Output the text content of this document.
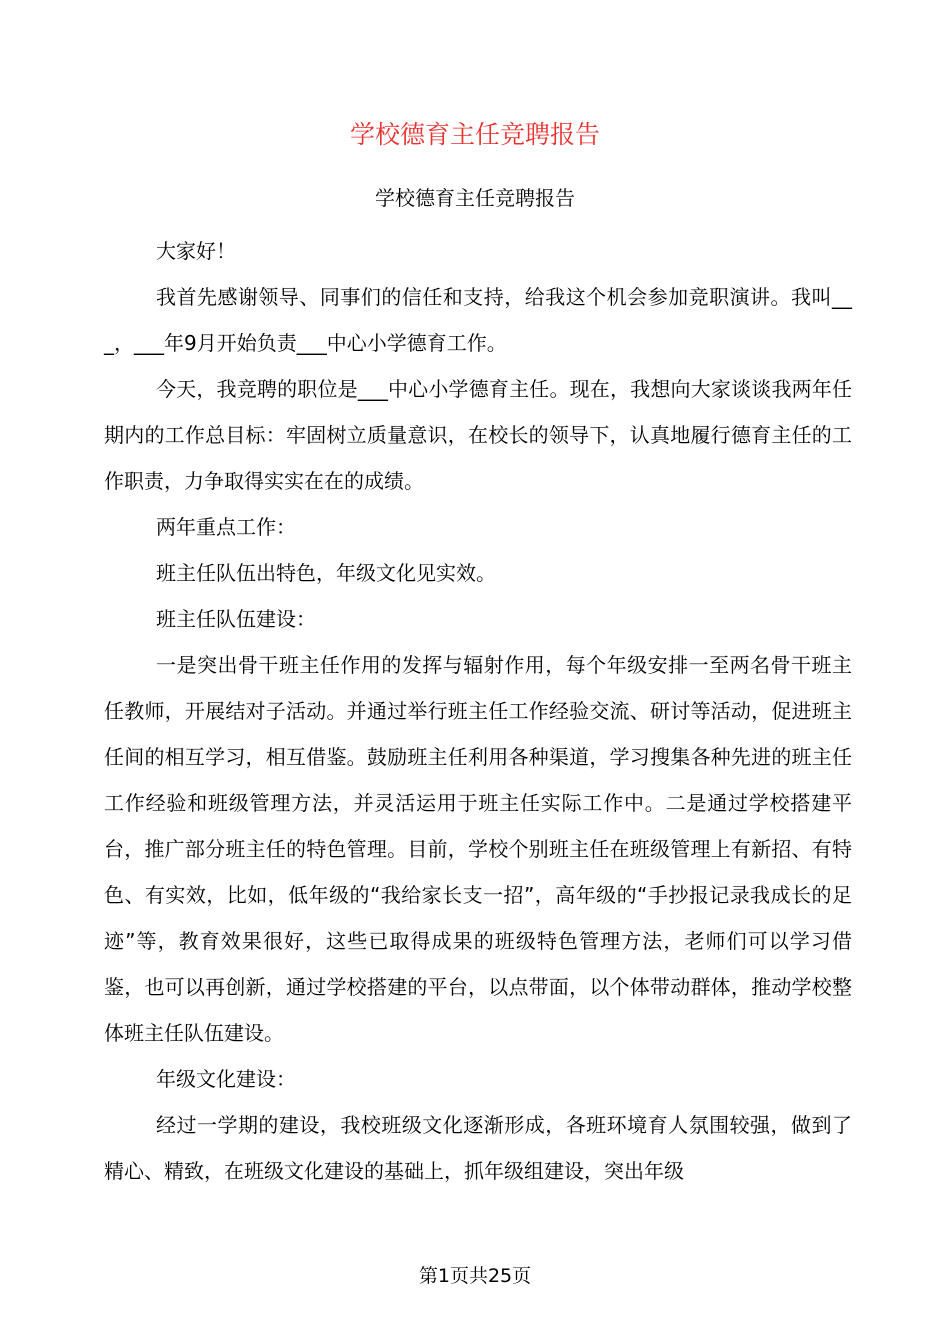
学校德育主任竞聘报告
学校德育主任竞聘报告

大家好！

我首先感谢领导、同事们的信任和支持，给我这个机会参加竞职演讲。我叫___，___年9月开始负责___中心小学德育工作。

今天，我竞聘的职位是___中心小学德育主任。现在，我想向大家谈谈我两年任期内的工作总目标：牢固树立质量意识，在校长的领导下，认真地履行德育主任的工作职责，力争取得实实在在的成绩。

两年重点工作：

班主任队伍出特色，年级文化见实效。

班主任队伍建设：

一是突出骨干班主任作用的发挥与辐射作用，每个年级安排一至两名骨干班主任教师，开展结对子活动。并通过举行班主任工作经验交流、研讨等活动，促进班主任间的相互学习，相互借鉴。鼓励班主任利用各种渠道，学习搜集各种先进的班主任工作经验和班级管理方法，并灵活运用于班主任实际工作中。二是通过学校搭建平台，推广部分班主任的特色管理。目前，学校个别班主任在班级管理上有新招、有特色、有实效，比如，低年级的“我给家长支一招”，高年级的“手抄报记录我成长的足迹”等，教育效果很好，这些已取得成果的班级特色管理方法，老师们可以学习借鉴，也可以再创新，通过学校搭建的平台，以点带面，以个体带动群体，推动学校整体班主任队伍建设。

年级文化建设：

经过一学期的建设，我校班级文化逐渐形成，各班环境育人氛围较强，做到了精心、精致，在班级文化建设的基础上，抓年级组建设，突出年级

第1页共25页
